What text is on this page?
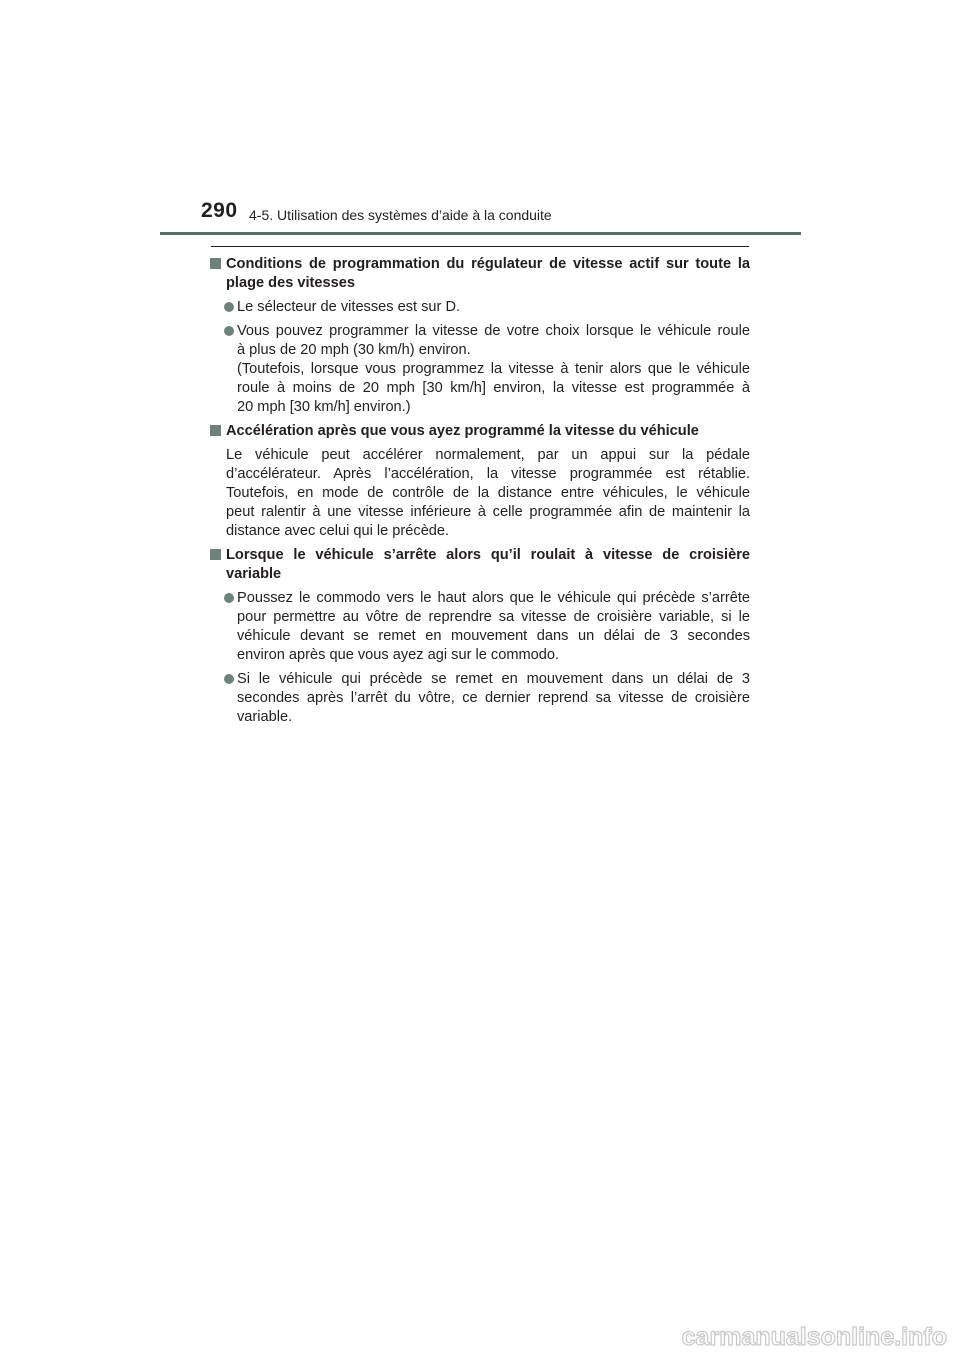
290 4-5. Utilisation des systèmes d’aide à la conduite
Conditions de programmation du régulateur de vitesse actif sur toute la
plage des vitesses
Le sélecteur de vitesses est sur D.
Vous pouvez programmer la vitesse de votre choix lorsque le véhicule roule
à plus de 20 mph (30 km/h) environ.
(Toutefois, lorsque vous programmez la vitesse à tenir alors que le véhicule
roule à moins de 20 mph [30 km/h] environ, la vitesse est programmée à
20 mph [30 km/h] environ.)
Accélération après que vous ayez programmé la vitesse du véhicule
Le véhicule peut accélérer normalement, par un appui sur la pédale
d’accélérateur. Après l’accélération, la vitesse programmée est rétablie.
Toutefois, en mode de contrôle de la distance entre véhicules, le véhicule
peut ralentir à une vitesse inférieure à celle programmée afin de maintenir la
distance avec celui qui le précède.
Lorsque le véhicule s’arrête alors qu’il roulait à vitesse de croisière
variable
Poussez le commodo vers le haut alors que le véhicule qui précède s’arrête
pour permettre au vôtre de reprendre sa vitesse de croisière variable, si le
véhicule devant se remet en mouvement dans un délai de 3 secondes
environ après que vous ayez agi sur le commodo.
Si le véhicule qui précède se remet en mouvement dans un délai de 3
secondes après l’arrêt du vôtre, ce dernier reprend sa vitesse de croisière
variable.
carmanualsonline.info
